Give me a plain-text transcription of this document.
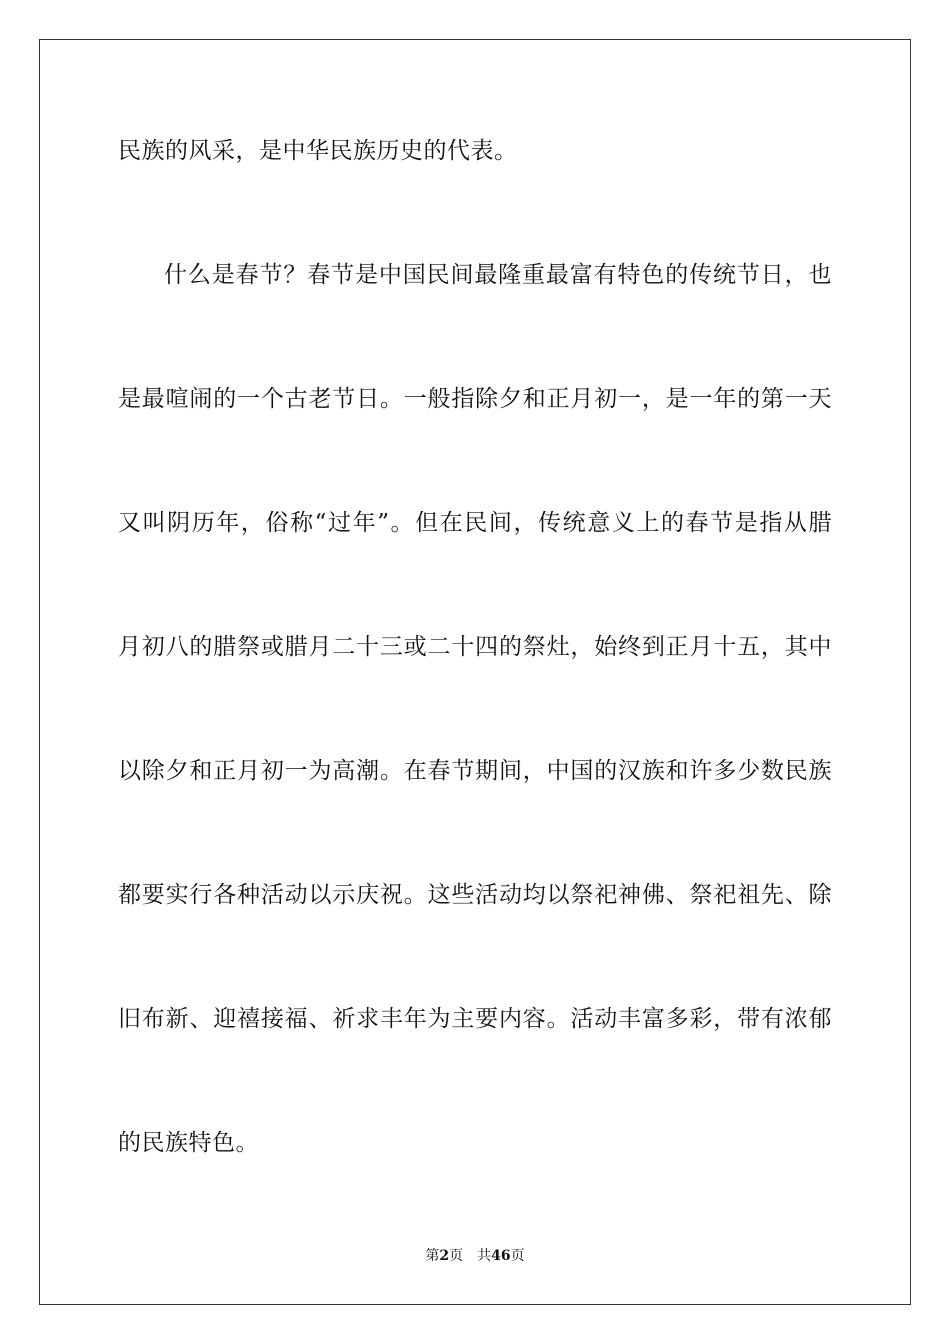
民族的风采，是中华民族历史的代表。
什么是春节？春节是中国民间最隆重最富有特色的传统节日，也
是最喧闹的一个古老节日。一般指除夕和正月初一，是一年的第一天
又叫阴历年，俗称“过年”。但在民间，传统意义上的春节是指从腊
月初八的腊祭或腊月二十三或二十四的祭灶，始终到正月十五，其中
以除夕和正月初一为高潮。在春节期间，中国的汉族和许多少数民族
都要实行各种活动以示庆祝。这些活动均以祭祀神佛、祭祀祖先、除
旧布新、迎禧接福、祈求丰年为主要内容。活动丰富多彩，带有浓郁
的民族特色。
第2页 共46页
